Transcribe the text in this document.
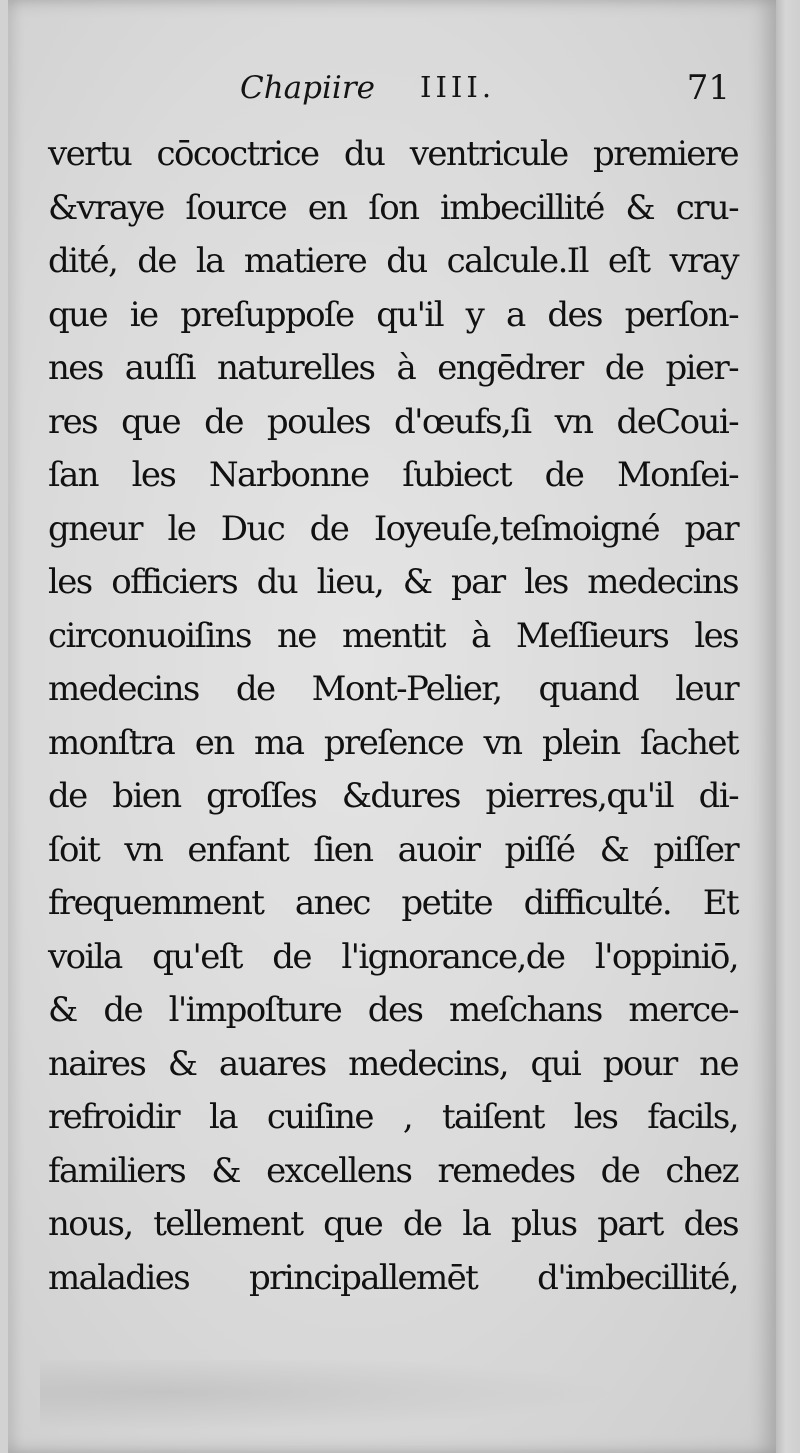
Chapiire IIII.	71
vertu cōcoctrice du ventricule premiere
&vraye ſource en ſon imbecillité & cru-
dité, de la matiere du calcule.Il eſt vray
que ie preſuppoſe qu'il y a des perſon-
nes auſſi naturelles à engēdrer de pier-
res que de poules d'œufs,ſi vn deCoui-
ſan les Narbonne ſubiect de Monſei-
gneur le Duc de Ioyeuſe,teſmoigné par
les officiers du lieu, & par les medecins
circonuoiſins ne mentit à Meſſieurs les
medecins de Mont-Pelier, quand leur
monſtra en ma preſence vn plein ſachet
de bien groſſes &dures pierres,qu'il di-
ſoit vn enfant ſien auoir piſſé & piſſer
frequemment anec petite difficulté. Et
voila qu'eſt de l'ignorance,de l'oppiniō,
& de l'impoſture des meſchans merce-
naires & auares medecins, qui pour ne
refroidir la cuiſine , taiſent les facils,
familiers & excellens remedes de chez
nous, tellement que de la plus part des
maladies principallemēt d'imbecillité,
